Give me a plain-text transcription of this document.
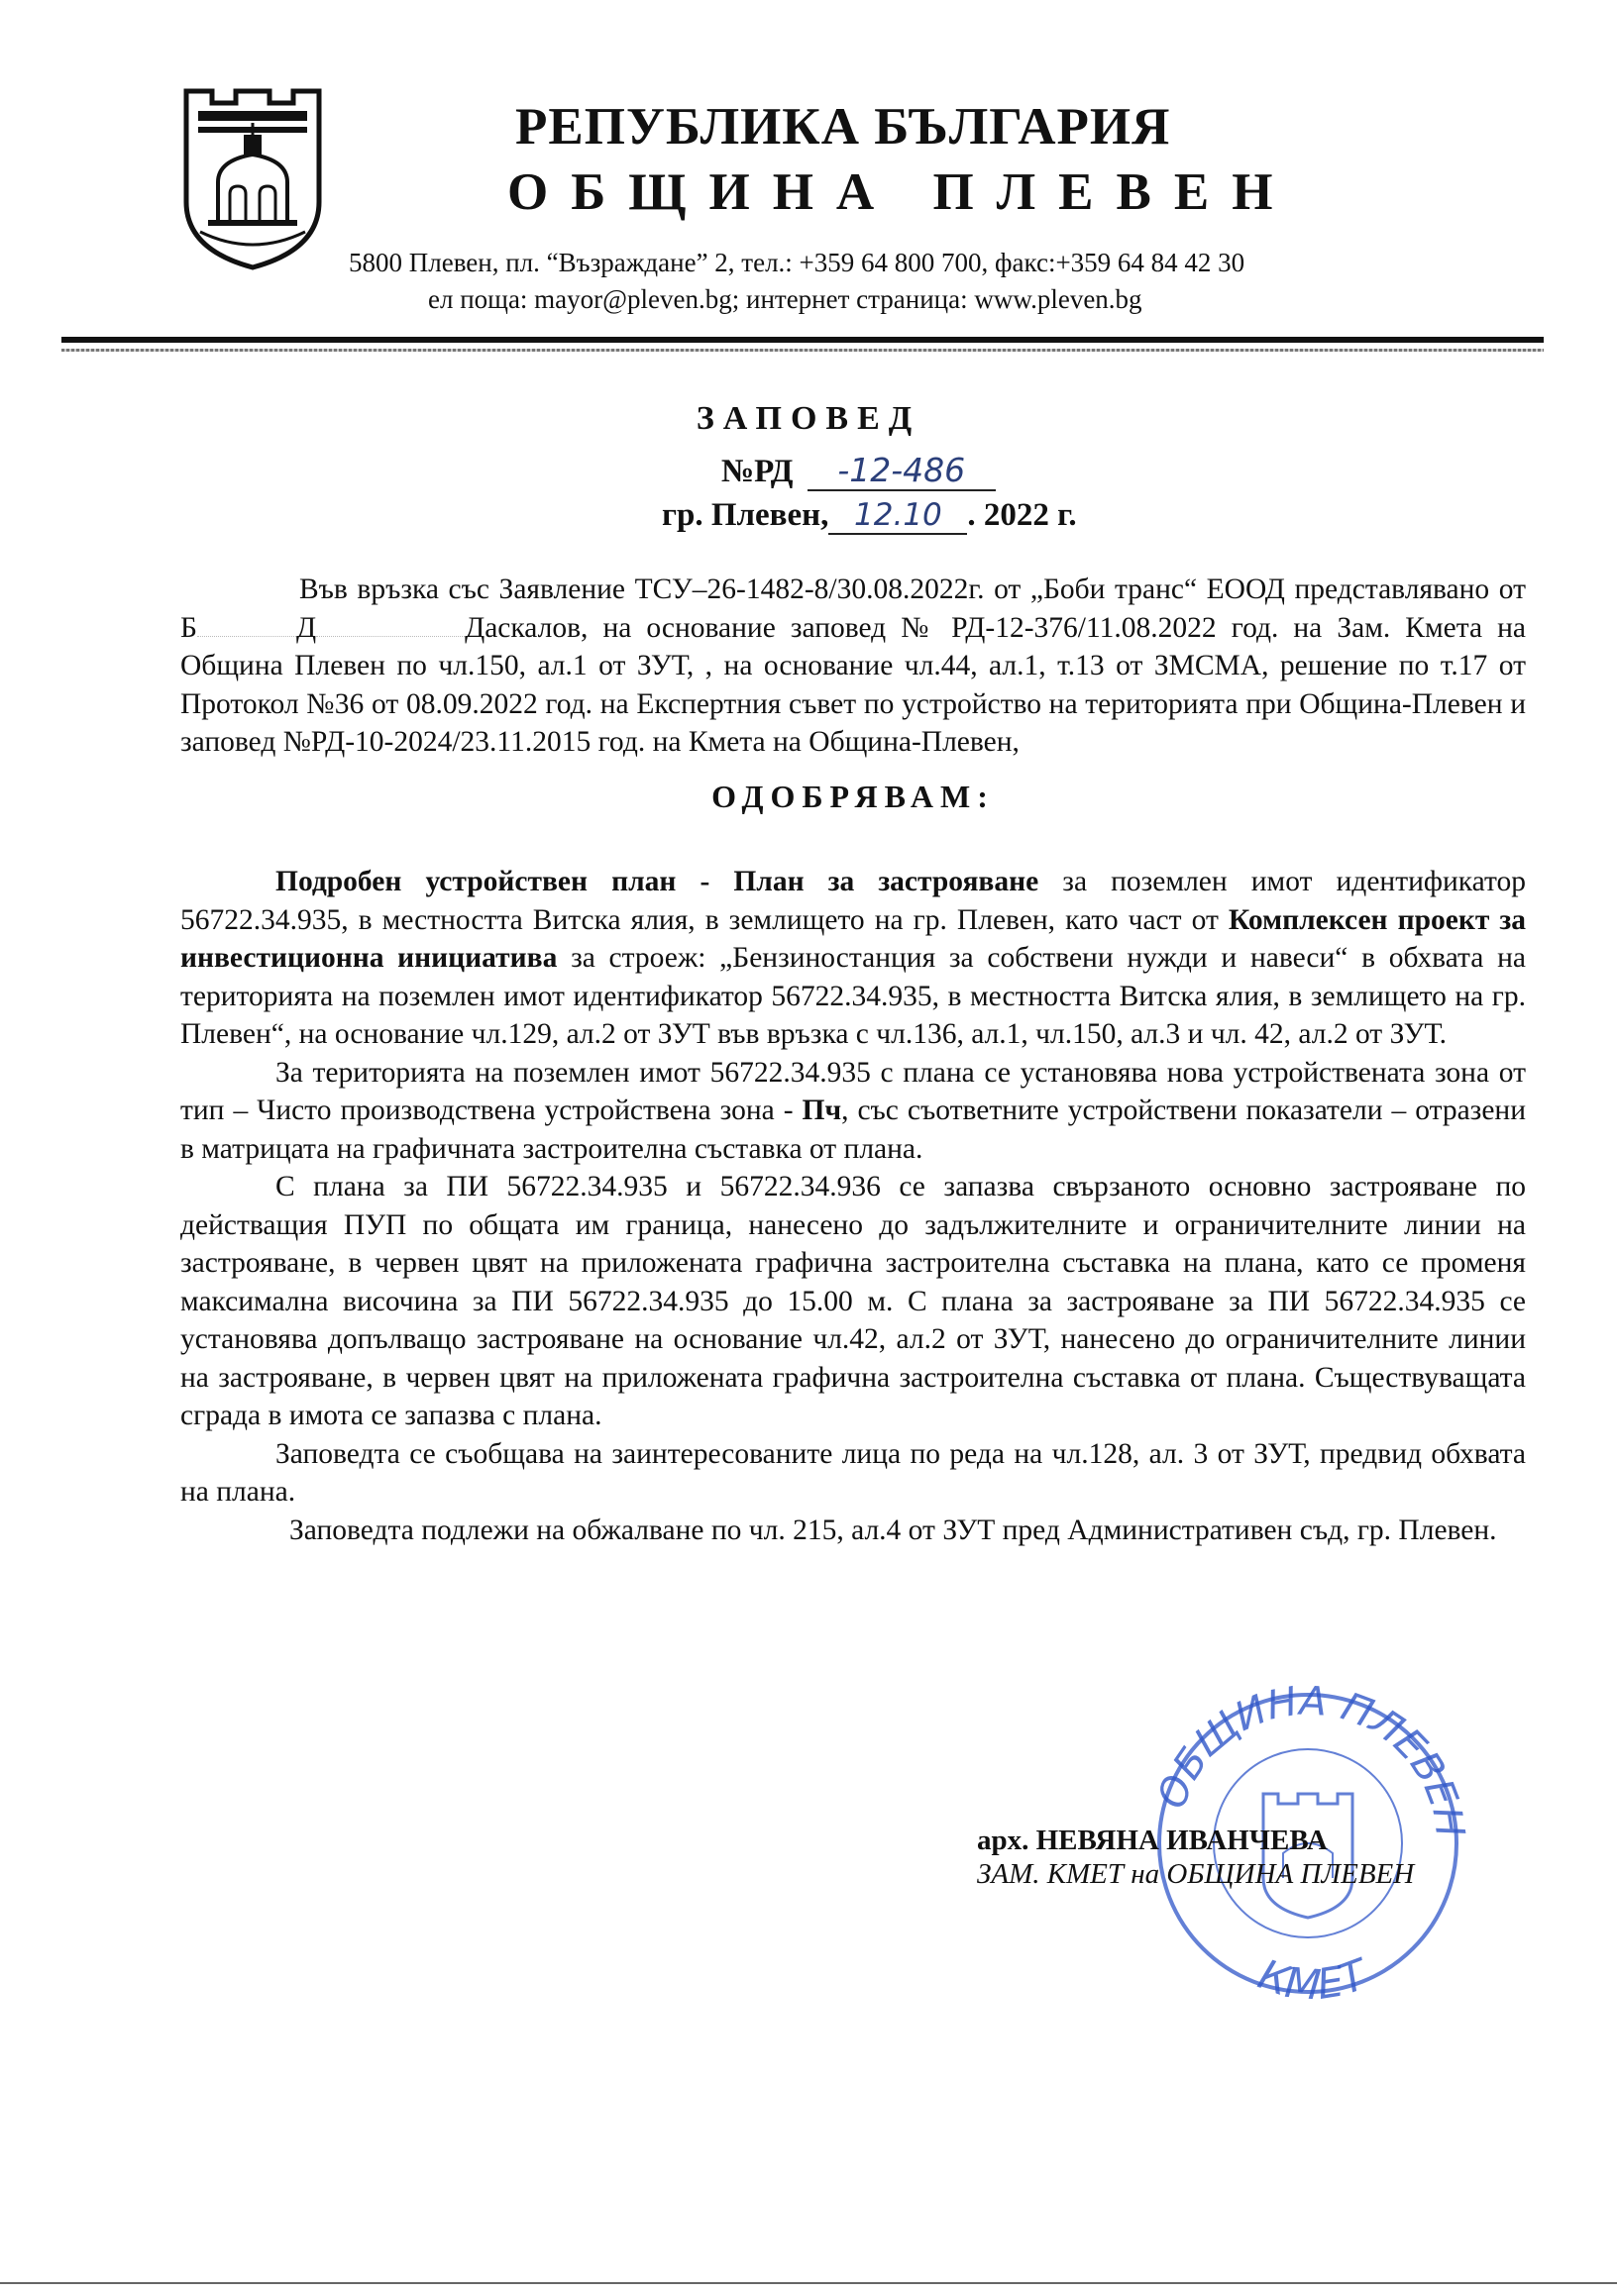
РЕПУБЛИКА БЪЛГАРИЯ
ОБЩИНА ПЛЕВЕН
5800 Плевен, пл. “Възраждане” 2, тел.: +359 64 800 700, факс:+359 64 84 42 30
ел поща: mayor@pleven.bg; интернет страница: www.pleven.bg
ЗАПОВЕД
№РД -12-486
гр. Плевен, 12.10 . 2022 г.

Във връзка със Заявление ТСУ–26-1482-8/30.08.2022г. от „Боби транс“ ЕООД представлявано от Б	Д	Даскалов, на основание заповед № РД-12-376/11.08.2022 год. на Зам. Кмета на Община Плевен по чл.150, ал.1 от ЗУТ, , на основание чл.44, ал.1, т.13 от ЗМСМА, решение по т.17 от Протокол №36 от 08.09.2022 год. на Експертния съвет по устройство на територията при Община-Плевен и заповед №РД-10-2024/23.11.2015 год. на Кмета на Община-Плевен,

ОДОБРЯВАМ:

Подробен устройствен план - План за застрояване за поземлен имот идентификатор 56722.34.935, в местността Витска ялия, в землището на гр. Плевен, като част от Комплексен проект за инвестиционна инициатива за строеж: „Бензиностанция за собствени нужди и навеси“ в обхвата на територията на поземлен имот идентификатор 56722.34.935, в местността Витска ялия, в землището на гр. Плевен“, на основание чл.129, ал.2 от ЗУТ във връзка с чл.136, ал.1, чл.150, ал.3 и чл. 42, ал.2 от ЗУТ.

За територията на поземлен имот 56722.34.935 с плана се установява нова устройствената зона от тип – Чисто производствена устройствена зона - Пч, със съответните устройствени показатели – отразени в матрицата на графичната застроителна съставка от плана.

С плана за ПИ 56722.34.935 и 56722.34.936 се запазва свързаното основно застрояване по действащия ПУП по общата им граница, нанесено до задължителните и ограничителните линии на застрояване, в червен цвят на приложената графична застроителна съставка на плана, като се променя максимална височина за ПИ 56722.34.935 до 15.00 м. С плана за застрояване за ПИ 56722.34.935 се установява допълващо застрояване на основание чл.42, ал.2 от ЗУТ, нанесено до ограничителните линии на застрояване, в червен цвят на приложената графична застроителна съставка от плана. Съществуващата сграда в имота се запазва с плана.

Заповедта се съобщава на заинтересованите лица по реда на чл.128, ал. 3 от ЗУТ, предвид обхвата на плана.

Заповедта подлежи на обжалване по чл. 215, ал.4 от ЗУТ пред Административен съд, гр. Плевен.

ОБЩИНА ПЛЕВЕН
КМЕТ
арх. НЕВЯНА ИВАНЧЕВА
ЗАМ. КМЕТ на ОБЩИНА ПЛЕВЕН
